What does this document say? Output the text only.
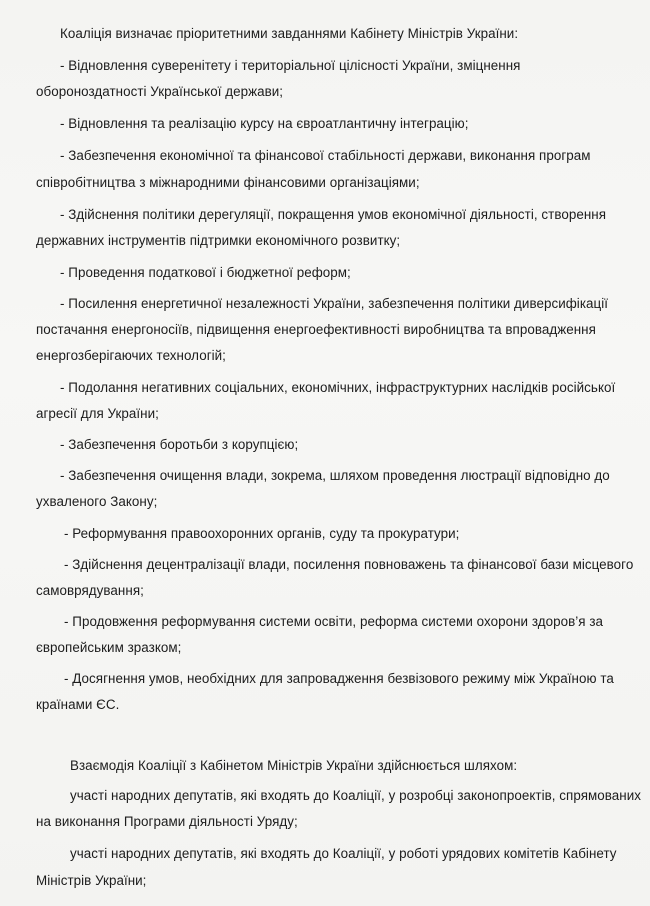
Коаліція визначає пріоритетними завданнями Кабінету Міністрів України:
- Відновлення суверенітету і територіальної цілісності України, зміцнення
обороноздатності Української держави;
- Відновлення та реалізацію курсу на євроатлантичну інтеграцію;
- Забезпечення економічної та фінансової стабільності держави, виконання програм
співробітництва з міжнародними фінансовими організаціями;
- Здійснення політики дерегуляції, покращення умов економічної діяльності, створення
державних інструментів підтримки економічного розвитку;
- Проведення податкової і бюджетної реформ;
- Посилення енергетичної незалежності України, забезпечення політики диверсифікації
постачання енергоносіїв, підвищення енергоефективності виробництва та впровадження
енергозберігаючих технологій;
- Подолання негативних соціальних, економічних, інфраструктурних наслідків російської
агресії для України;
- Забезпечення боротьби з корупцією;
- Забезпечення очищення влади, зокрема, шляхом проведення люстрації відповідно до
ухваленого Закону;
- Реформування правоохоронних органів, суду та прокуратури;
- Здійснення децентралізації влади, посилення повноважень та фінансової бази місцевого
самоврядування;
- Продовження реформування системи освіти, реформа системи охорони здоров’я за
європейським зразком;
- Досягнення умов, необхідних для запровадження безвізового режиму між Україною та
країнами ЄС.
Взаємодія Коаліції з Кабінетом Міністрів України здійснюється шляхом:
участі народних депутатів, які входять до Коаліції, у розробці законопроектів, спрямованих
на виконання Програми діяльності Уряду;
участі народних депутатів, які входять до Коаліції, у роботі урядових комітетів Кабінету
Міністрів України;
